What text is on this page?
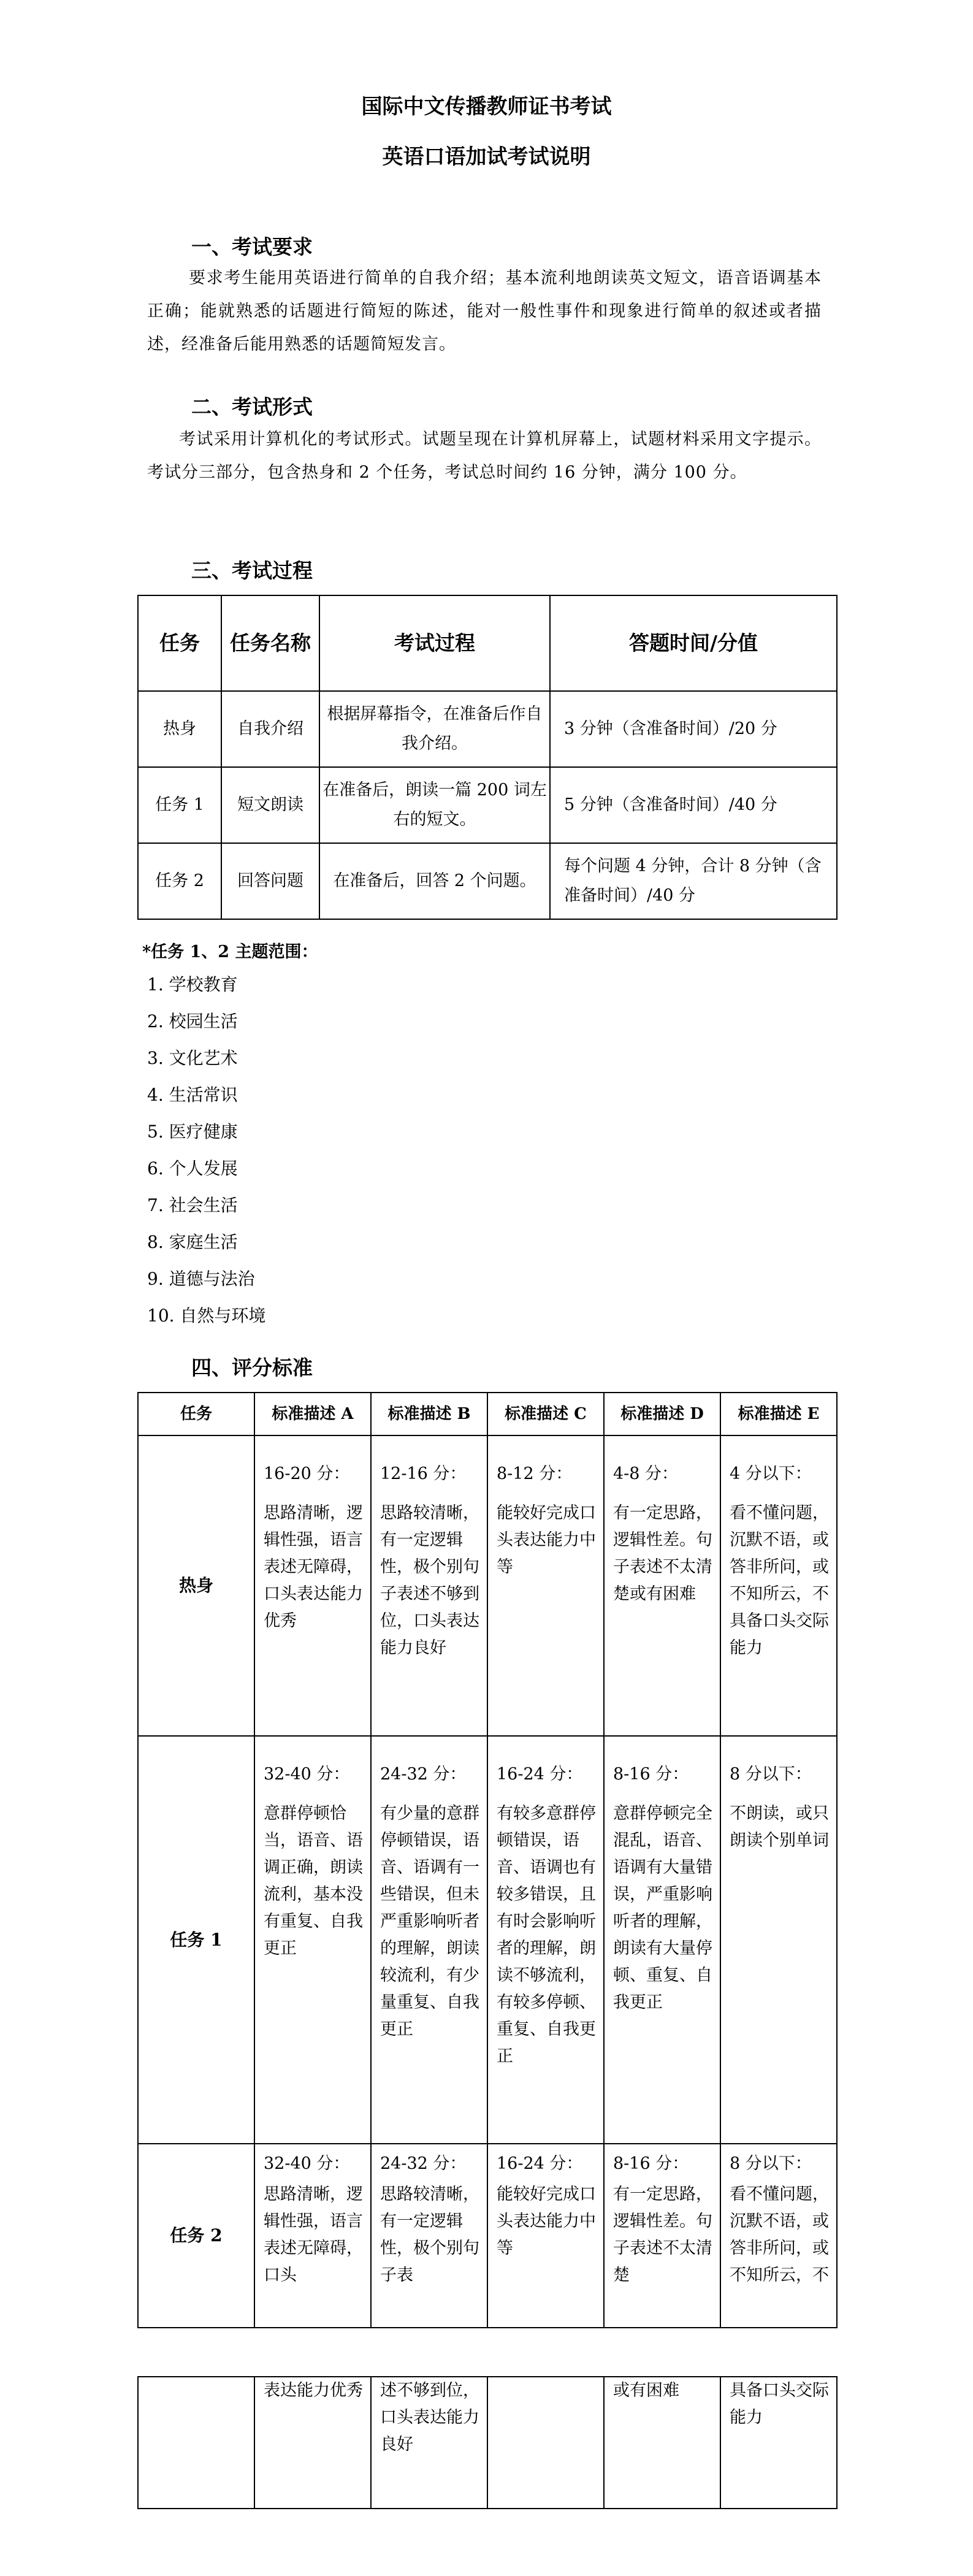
国际中文传播教师证书考试
英语口语加试考试说明
一、考试要求
要求考生能用英语进行简单的自我介绍；基本流利地朗读英文短文，语音语调基本正确；能就熟悉的话题进行简短的陈述，能对一般性事件和现象进行简单的叙述或者描述，经准备后能用熟悉的话题简短发言。
二、考试形式
考试采用计算机化的考试形式。试题呈现在计算机屏幕上，试题材料采用文字提示。考试分三部分，包含热身和 2 个任务，考试总时间约 16 分钟，满分 100 分。
三、考试过程
任务	任务名称	考试过程	答题时间/分值
热身	自我介绍	根据屏幕指令，在准备后作自我介绍。	3 分钟（含准备时间）/20 分
任务 1	短文朗读	在准备后，朗读一篇 200 词左右的短文。	5 分钟（含准备时间）/40 分
任务 2	回答问题	在准备后，回答 2 个问题。	每个问题 4 分钟，合计 8 分钟（含准备时间）/40 分
*任务 1、2 主题范围：
1. 学校教育
2. 校园生活
3. 文化艺术
4. 生活常识
5. 医疗健康
6. 个人发展
7. 社会生活
8. 家庭生活
9. 道德与法治
10. 自然与环境
四、评分标准
任务	标准描述 A	标准描述 B	标准描述 C	标准描述 D	标准描述 E
热身	16-20 分：
思路清晰，逻辑性强，语言表述无障碍，口头表达能力优秀	12-16 分：
思路较清晰，有一定逻辑性，极个别句子表述不够到位，口头表达能力良好	8-12 分：
能较好完成口头表达能力中等	4-8 分：
有一定思路，逻辑性差。句子表述不太清楚或有困难	4 分以下：
看不懂问题，沉默不语，或答非所问，或不知所云，不具备口头交际能力

任务 1	32-40 分：
意群停顿恰当，语音、语调正确，朗读流利，基本没有重复、自我更正	24-32 分：
有少量的意群停顿错误，语音、语调有一些错误，但未严重影响听者的理解，朗读较流利，有少量重复、自我更正	16-24 分：
有较多意群停顿错误，语音、语调也有较多错误，且有时会影响听者的理解，朗读不够流利，有较多停顿、重复、自我更正	8-16 分：
意群停顿完全混乱，语音、语调有大量错误，严重影响听者的理解，朗读有大量停顿、重复、自我更正	8 分以下：
不朗读，或只朗读个别单词

任务 2	32-40 分：
思路清晰，逻辑性强，语言表述无障碍，口头	24-32 分：
思路较清晰，有一定逻辑性，极个别句子表	16-24 分：
能较好完成口头表达能力中等	8-16 分：
有一定思路，逻辑性差。句子表述不太清楚	8 分以下：
看不懂问题，沉默不语，或答非所问，或不知所云，不
	表达能力优秀	述不够到位，口头表达能力良好		或有困难	具备口头交际能力
